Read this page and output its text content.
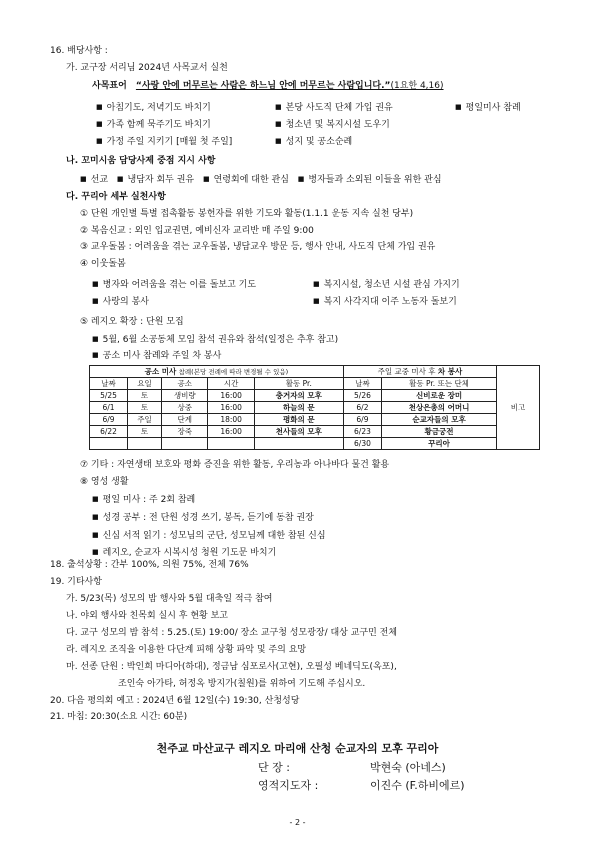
16. 배당사항 :
가. 교구장 서리님 2024년 사목교서 실천
사목표어 “사랑 안에 머무르는 사람은 하느님 안에 머무르는 사람입니다.”(1요한 4,16)
■ 아침기도, 저녁기도 바치기	■ 본당 사도직 단체 가입 권유	■ 평일미사 참례
■ 가족 함께 묵주기도 바치기	■ 청소년 및 복지시설 도우기
■ 가정 주일 지키기 [매월 첫 주일]	■ 성지 및 공소순례
나. 꼬미시움 담당사제 중점 지시 사항
■ 선교 ■ 냉담자 회두 권유 ■ 연령회에 대한 관심 ■ 병자들과 소외된 이들을 위한 관심
다. 꾸리아 세부 실천사항
① 단원 개인별 특별 접촉활동 봉헌자를 위한 기도와 활동(1.1.1 운동 지속 실천 당부)
② 복음신교 : 외인 입교권면, 예비신자 교리반 매 주일 9:00
③ 교우돌봄 : 어려움을 겪는 교우돌봄, 냉담교우 방문 등, 행사 안내, 사도직 단체 가입 권유
④ 이웃돌봄
■ 병자와 어려움을 겪는 이를 돌보고 기도	■ 복지시설, 청소년 시설 관심 가지기
■ 사랑의 봉사	■ 복지 사각지대 이주 노동자 돌보기
⑤ 레지오 확장 : 단원 모집
■ 5월, 6월 소공동체 모임 참석 권유와 참석(일정은 추후 참고)
■ 공소 미사 참례와 주일 차 봉사
공소 미사 참례(본당 전례에 따라 변경될 수 있음)					주일 교중 미사 후 차 봉사		비고
날짜	요일	공소	시간	활동 Pr.	날짜	활동 Pr. 또는 단체	
5/25	토	생비량	16:00	충거자의 모후	5/26	신비로운 장미	
6/1	토	상중	16:00	하늘의 문	6/2	천상은총의 어머니	
6/9	주일	단계	18:00	평화의 문	6/9	순교자들의 모후	
6/22	토	장죽	16:00	천사들의 모후	6/23	황금궁전	
					6/30	꾸리아	
⑦ 기타 : 자연생태 보호와 평화 증진을 위한 활동, 우리농과 아나바다 물건 활용
⑧ 영성 생활
■ 평일 미사 : 주 2회 참례
■ 성경 공부 : 전 단원 성경 쓰기, 봉독, 듣기에 동참 권장
■ 신심 서적 읽기 : 성모님의 군단, 성모님께 대한 참된 신심
■ 레지오, 순교자 시복시성 청원 기도문 바치기
18. 출석상황 : 간부 100%, 의원 75%, 전체 76%
19. 기타사항
가. 5/23(목) 성모의 밤 행사와 5월 대축일 적극 참여
나. 야외 행사와 친목회 실시 후 현황 보고
다. 교구 성모의 밤 참석 : 5.25.(토) 19:00/ 장소 교구청 성모광장/ 대상 교구민 전체
라. 레지오 조직을 이용한 다단계 피해 상황 파악 및 주의 요망
마. 선종 단원 : 박인희 마디아(하대), 정금남 심포로사(고현), 오필성 베네딕도(옥포),
조인숙 아가타, 허정옥 방지가(칠원)를 위하여 기도해 주십시오.
20. 다음 평의회 예고 : 2024년 6월 12일(수) 19:30, 산청성당
21. 마침: 20:30(소요 시간: 60분)
천주교 마산교구 레지오 마리애 산청 순교자의 모후 꾸리아
단 장 :	박현숙 (아네스)
영적지도자 :	이진수 (F.하비에르)
- 2 -
